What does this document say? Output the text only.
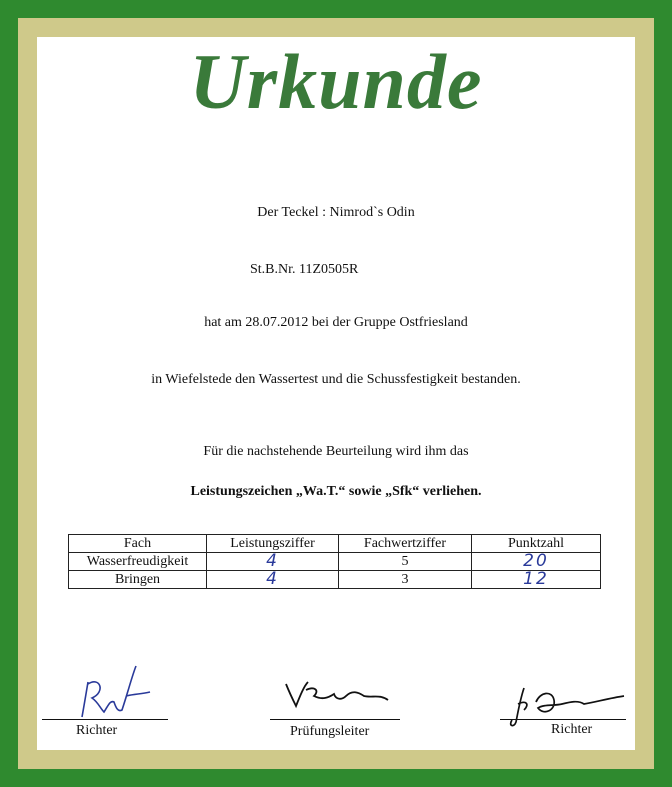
Urkunde
Der Teckel : Nimrod`s Odin
St.B.Nr. 11Z0505R
hat am 28.07.2012 bei der Gruppe Ostfriesland
in Wiefelstede den Wassertest und die Schussfestigkeit bestanden.
Für die nachstehende Beurteilung wird ihm das
Leistungszeichen „Wa.T.“ sowie „Sfk“ verliehen.
Fach	Leistungsziffer	Fachwertziffer	Punktzahl
Wasserfreudigkeit	4	5	20
Bringen	4	3	12
Richter	Prüfungsleiter	Richter
